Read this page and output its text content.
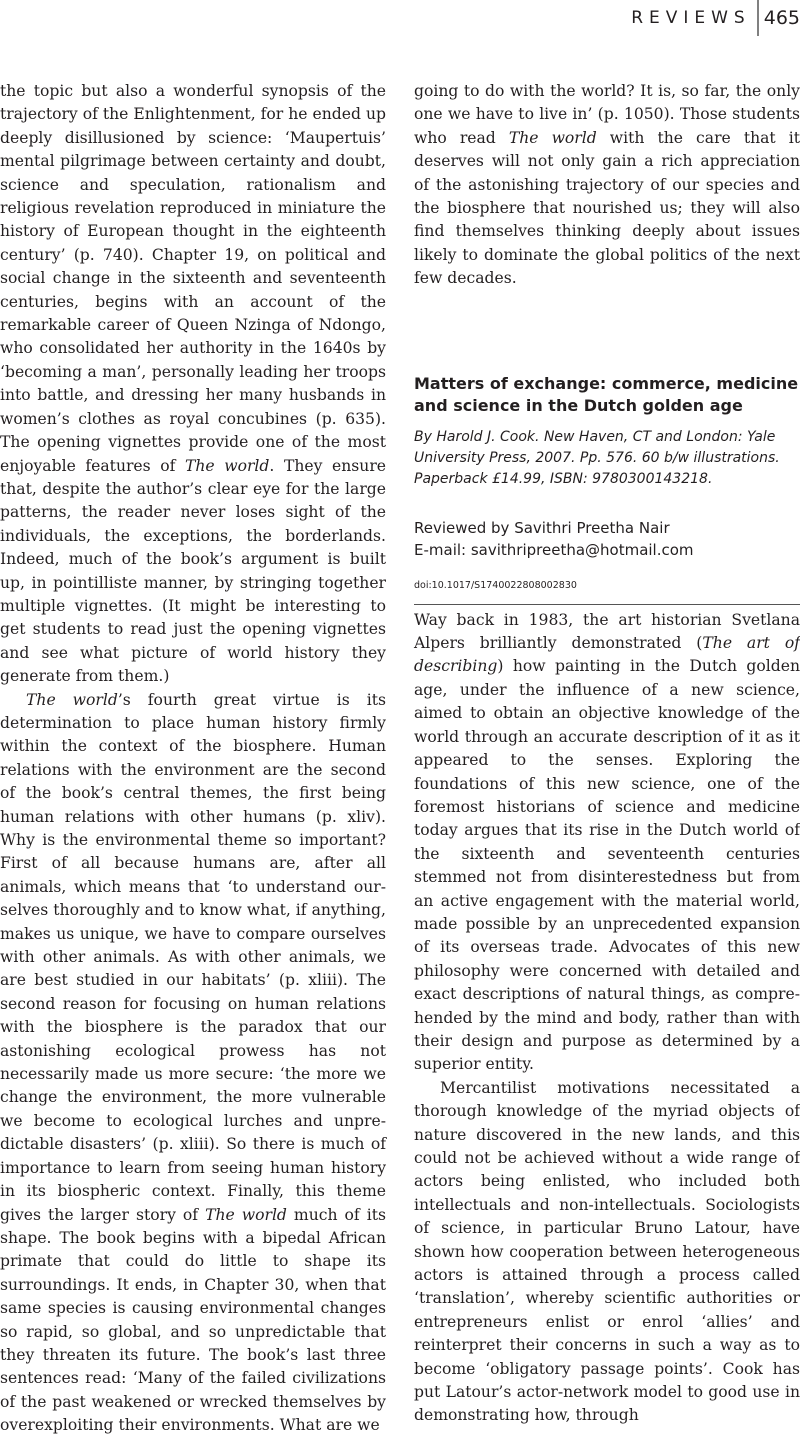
REVIEWS 465

the topic but also a wonderful synopsis of the trajectory of the Enlightenment, for he ended up deeply disillusioned by science: ‘Maupertuis’ mental pilgrimage between certainty and doubt, science and speculation, rationalism and religious revelation reproduced in miniature the history of European thought in the eighteenth century’ (p. 740). Chapter 19, on political and social change in the sixteenth and seventeenth centuries, begins with an account of the remarkable career of Queen Nzinga of Ndongo, who consolidated her authority in the 1640s by ‘becoming a man’, personally leading her troops into battle, and dressing her many husbands in women’s clothes as royal concubines (p. 635). The opening vignettes provide one of the most enjoyable features of The world. They ensure that, despite the author’s clear eye for the large patterns, the reader never loses sight of the individuals, the exceptions, the borderlands. Indeed, much of the book’s argument is built up, in pointilliste manner, by stringing together multiple vignettes. (It might be interesting to get students to read just the opening vignettes and see what picture of world history they generate from them.)

The world’s fourth great virtue is its determination to place human history firmly within the context of the biosphere. Human relations with the environment are the second of the book’s central themes, the first being human relations with other humans (p. xliv). Why is the environmental theme so important? First of all because humans are, after all animals, which means that ‘to understand ourselves thoroughly and to know what, if anything, makes us unique, we have to compare ourselves with other animals. As with other animals, we are best studied in our habitats’ (p. xliii). The second reason for focusing on human relations with the biosphere is the paradox that our astonishing ecological prowess has not necessarily made us more secure: ‘the more we change the environment, the more vulnerable we become to ecological lurches and unpredictable disasters’ (p. xliii). So there is much of importance to learn from seeing human history in its biospheric context. Finally, this theme gives the larger story of The world much of its shape. The book begins with a bipedal African primate that could do little to shape its surroundings. It ends, in Chapter 30, when that same species is causing environmental changes so rapid, so global, and so unpredictable that they threaten its future. The book’s last three sentences read: ‘Many of the failed civilizations of the past weakened or wrecked themselves by overexploiting their environments. What are we

going to do with the world? It is, so far, the only one we have to live in’ (p. 1050). Those students who read The world with the care that it deserves will not only gain a rich appreciation of the astonishing trajectory of our species and the biosphere that nourished us; they will also find themselves thinking deeply about issues likely to dominate the global politics of the next few decades.

Matters of exchange: commerce, medicine and science in the Dutch golden age
By Harold J. Cook. New Haven, CT and London: Yale University Press, 2007. Pp. 576. 60 b/w illustrations. Paperback £14.99, ISBN: 9780300143218.
Reviewed by Savithri Preetha Nair
E-mail: savithripreetha@hotmail.com
doi:10.1017/S1740022808002830

Way back in 1983, the art historian Svetlana Alpers brilliantly demonstrated (The art of describing) how painting in the Dutch golden age, under the influence of a new science, aimed to obtain an objective knowledge of the world through an accurate description of it as it appeared to the senses. Exploring the foundations of this new science, one of the foremost historians of science and medicine today argues that its rise in the Dutch world of the sixteenth and seventeenth centuries stemmed not from disinterestedness but from an active engagement with the material world, made possible by an unprecedented expansion of its overseas trade. Advocates of this new philosophy were concerned with detailed and exact descriptions of natural things, as comprehended by the mind and body, rather than with their design and purpose as determined by a superior entity.

Mercantilist motivations necessitated a thorough knowledge of the myriad objects of nature discovered in the new lands, and this could not be achieved without a wide range of actors being enlisted, who included both intellectuals and non-intellectuals. Sociologists of science, in particular Bruno Latour, have shown how cooperation between heterogeneous actors is attained through a process called ‘translation’, whereby scientific authorities or entrepreneurs enlist or enrol ‘allies’ and reinterpret their concerns in such a way as to become ‘obligatory passage points’. Cook has put Latour’s actor-network model to good use in demonstrating how, through
